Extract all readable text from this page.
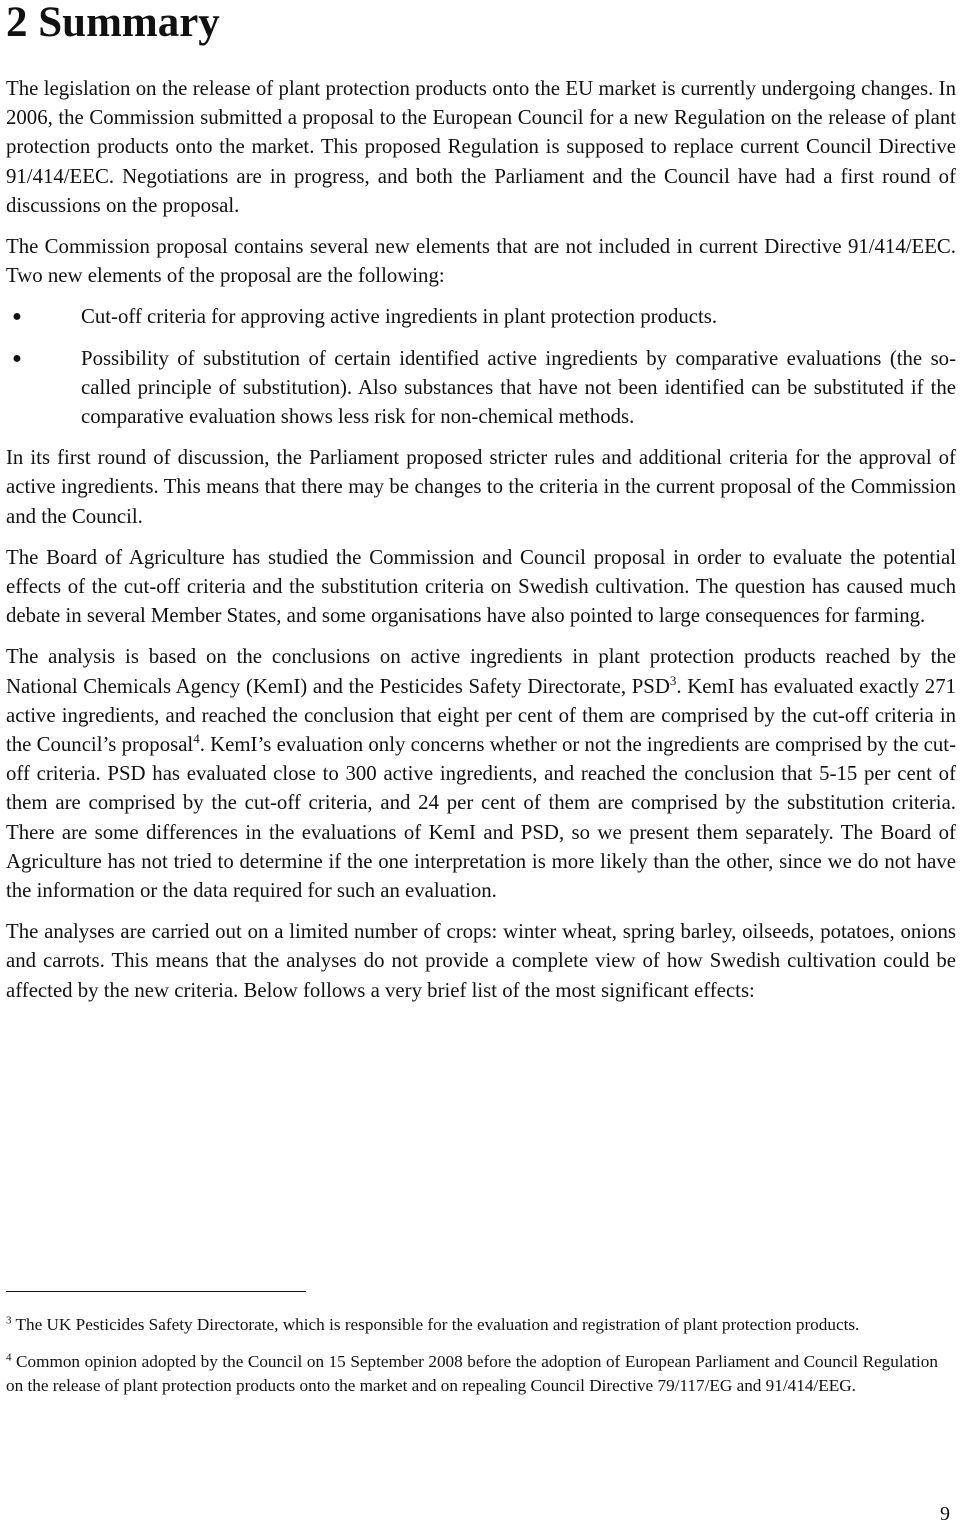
2 Summary

The legislation on the release of plant protection products onto the EU market is currently undergoing changes. In 2006, the Commission submitted a proposal to the European Council for a new Regulation on the release of plant protection products onto the market. This proposed Regulation is supposed to replace current Council Directive 91/414/EEC. Negotiations are in progress, and both the Parliament and the Council have had a first round of discussions on the proposal.

The Commission proposal contains several new elements that are not included in current Directive 91/414/EEC. Two new elements of the proposal are the following:

●	Cut-off criteria for approving active ingredients in plant protection products.
●	Possibility of substitution of certain identified active ingredients by comparative evaluations (the so-called principle of substitution). Also substances that have not been identified can be substituted if the comparative evaluation shows less risk for non-chemical methods.

In its first round of discussion, the Parliament proposed stricter rules and additional criteria for the approval of active ingredients. This means that there may be changes to the criteria in the current proposal of the Commission and the Council.

The Board of Agriculture has studied the Commission and Council proposal in order to evaluate the potential effects of the cut-off criteria and the substitution criteria on Swedish cultivation. The question has caused much debate in several Member States, and some organisations have also pointed to large consequences for farming.

The analysis is based on the conclusions on active ingredients in plant protection products reached by the National Chemicals Agency (KemI) and the Pesticides Safety Directorate, PSD$^3$. KemI has evaluated exactly 271 active ingredients, and reached the conclusion that eight per cent of them are comprised by the cut-off criteria in the Council’s proposal$^4$. KemI’s evaluation only concerns whether or not the ingredients are comprised by the cut-off criteria. PSD has evaluated close to 300 active ingredients, and reached the conclusion that 5-15 per cent of them are comprised by the cut-off criteria, and 24 per cent of them are comprised by the substitution criteria. There are some differences in the evaluations of KemI and PSD, so we present them separately. The Board of Agriculture has not tried to determine if the one interpretation is more likely than the other, since we do not have the information or the data required for such an evaluation.

The analyses are carried out on a limited number of crops: winter wheat, spring barley, oilseeds, potatoes, onions and carrots. This means that the analyses do not provide a complete view of how Swedish cultivation could be affected by the new criteria. Below follows a very brief list of the most significant effects:

$^3$ The UK Pesticides Safety Directorate, which is responsible for the evaluation and registration of plant protection products.

$^4$ Common opinion adopted by the Council on 15 September 2008 before the adoption of European Parliament and Council Regulation on the release of plant protection products onto the market and on repealing Council Directive 79/117/EG and 91/414/EEG.

9
